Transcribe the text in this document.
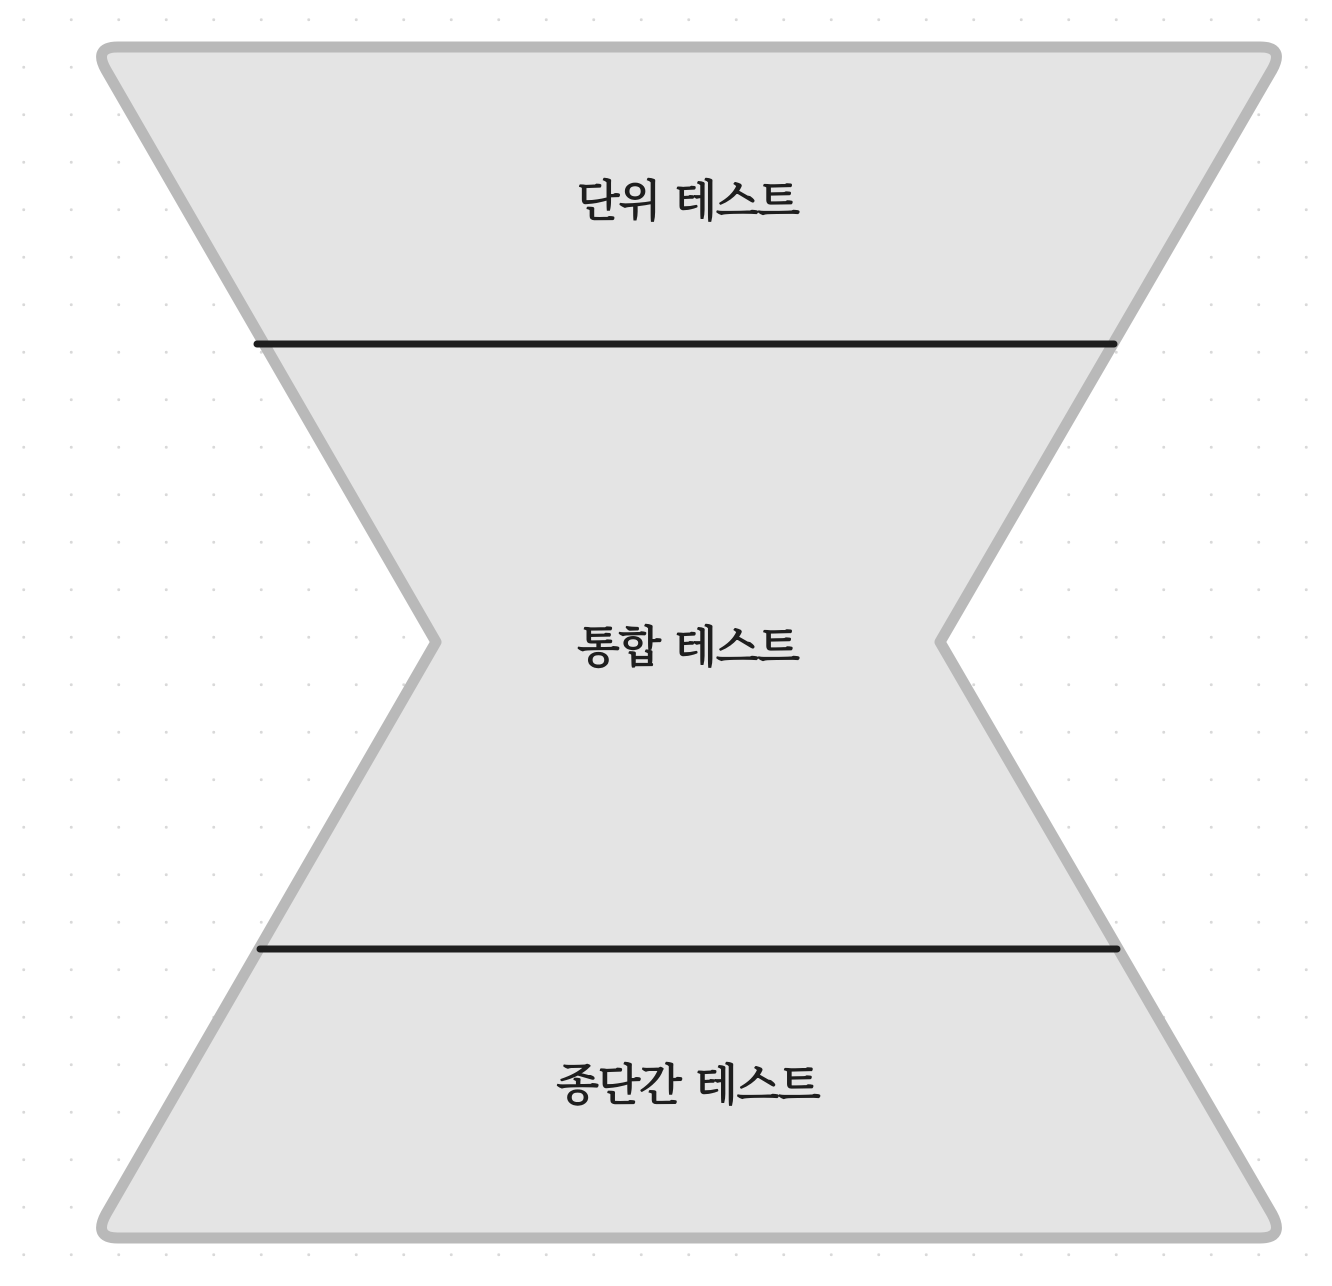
단위 테스트
통합 테스트
종단간 테스트
